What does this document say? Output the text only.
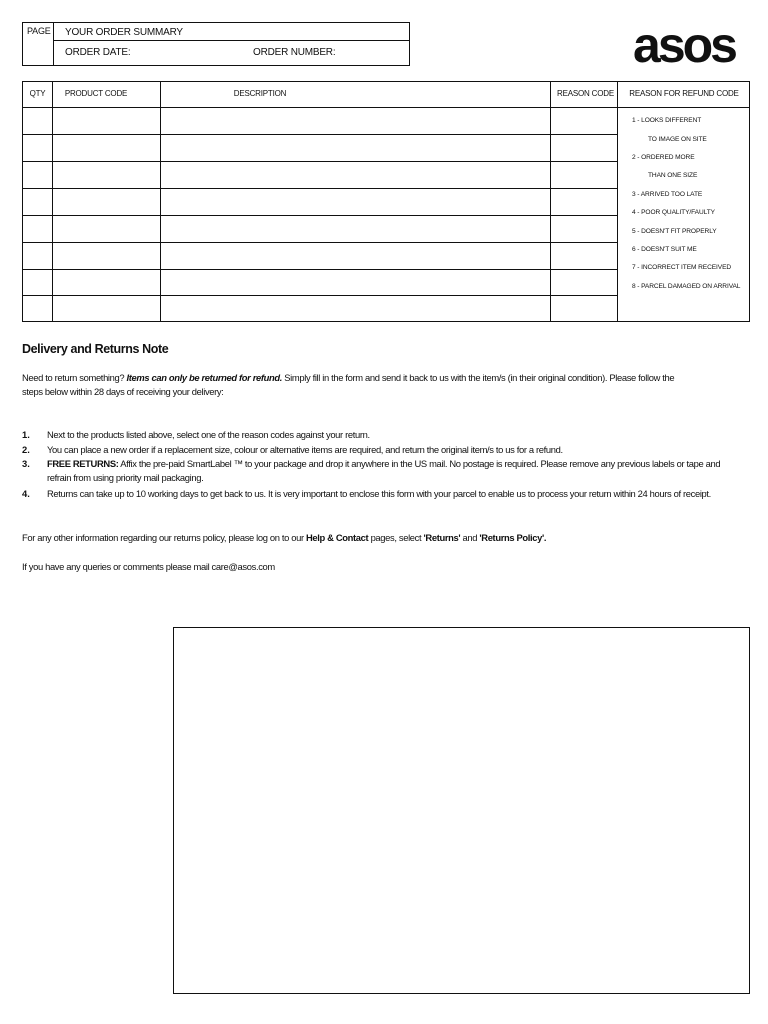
PAGE YOUR ORDER SUMMARY
ORDER DATE:	ORDER NUMBER:	asos
QTY	PRODUCT CODE	DESCRIPTION	REASON CODE	REASON FOR REFUND CODE
1 - LOOKS DIFFERENT
TO IMAGE ON SITE
2 - ORDERED MORE
THAN ONE SIZE
3 - ARRIVED TOO LATE
4 - POOR QUALITY/FAULTY
5 - DOESN'T FIT PROPERLY
6 - DOESN'T SUIT ME
7 - INCORRECT ITEM RECEIVED
8 - PARCEL DAMAGED ON ARRIVAL
Delivery and Returns Note
Need to return something? Items can only be returned for refund. Simply fill in the form and send it back to us with the item/s (in their original condition). Please follow the
steps below within 28 days of receiving your delivery:
1. Next to the products listed above, select one of the reason codes against your return.
2. You can place a new order if a replacement size, colour or alternative items are required, and return the original item/s to us for a refund.
3. FREE RETURNS: Affix the pre-paid SmartLabel ™ to your package and drop it anywhere in the US mail. No postage is required. Please remove any previous labels or tape and
refrain from using priority mail packaging.
4. Returns can take up to 10 working days to get back to us. It is very important to enclose this form with your parcel to enable us to process your return within 24 hours of receipt.
For any other information regarding our returns policy, please log on to our Help & Contact pages, select 'Returns' and 'Returns Policy'.
If you have any queries or comments please mail care@asos.com
